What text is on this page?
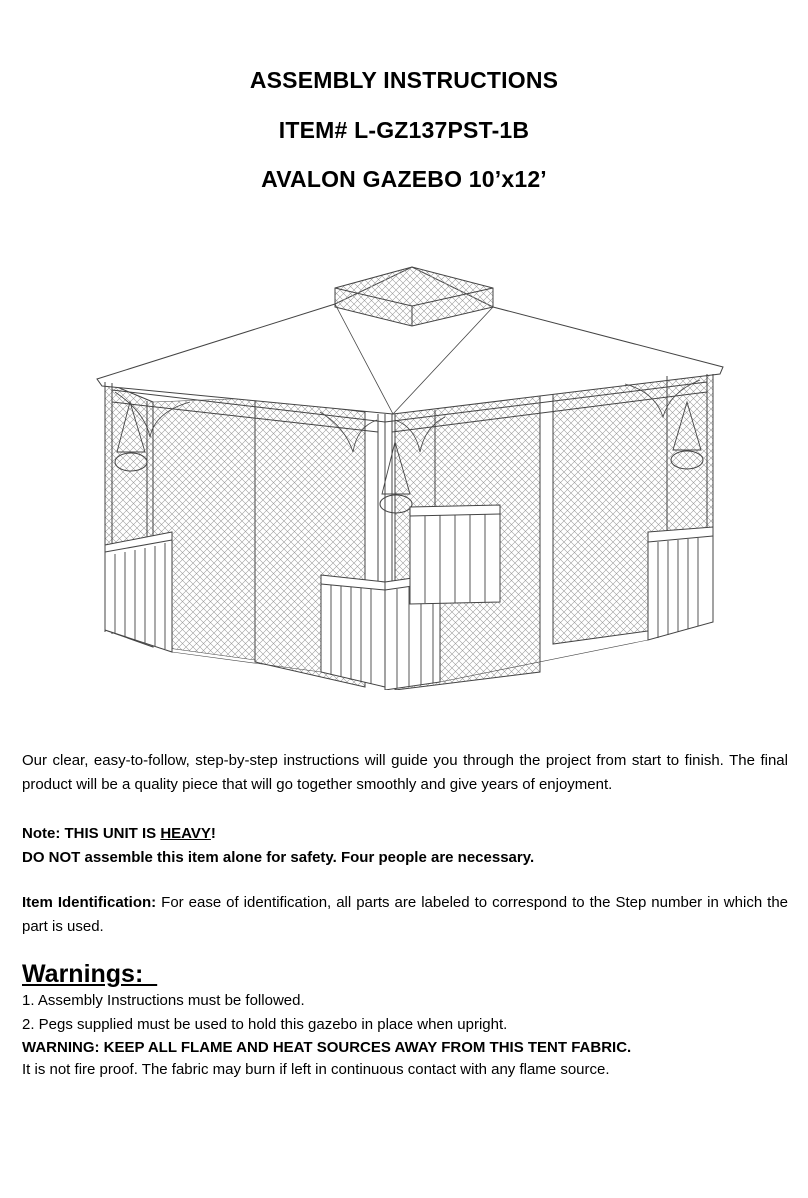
ASSEMBLY INSTRUCTIONS
ITEM# L-GZ137PST-1B
AVALON GAZEBO 10’x12’
Our clear, easy-to-follow, step-by-step instructions will guide you through the project from start to finish. The final product will be a quality piece that will go together smoothly and give years of enjoyment.
Note: THIS UNIT IS HEAVY!
DO NOT assemble this item alone for safety. Four people are necessary.
Item Identification: For ease of identification, all parts are labeled to correspond to the Step number in which the part is used.
Warnings:
1. Assembly Instructions must be followed.
2. Pegs supplied must be used to hold this gazebo in place when upright.
WARNING: KEEP ALL FLAME AND HEAT SOURCES AWAY FROM THIS TENT FABRIC.
It is not fire proof. The fabric may burn if left in continuous contact with any flame source.
